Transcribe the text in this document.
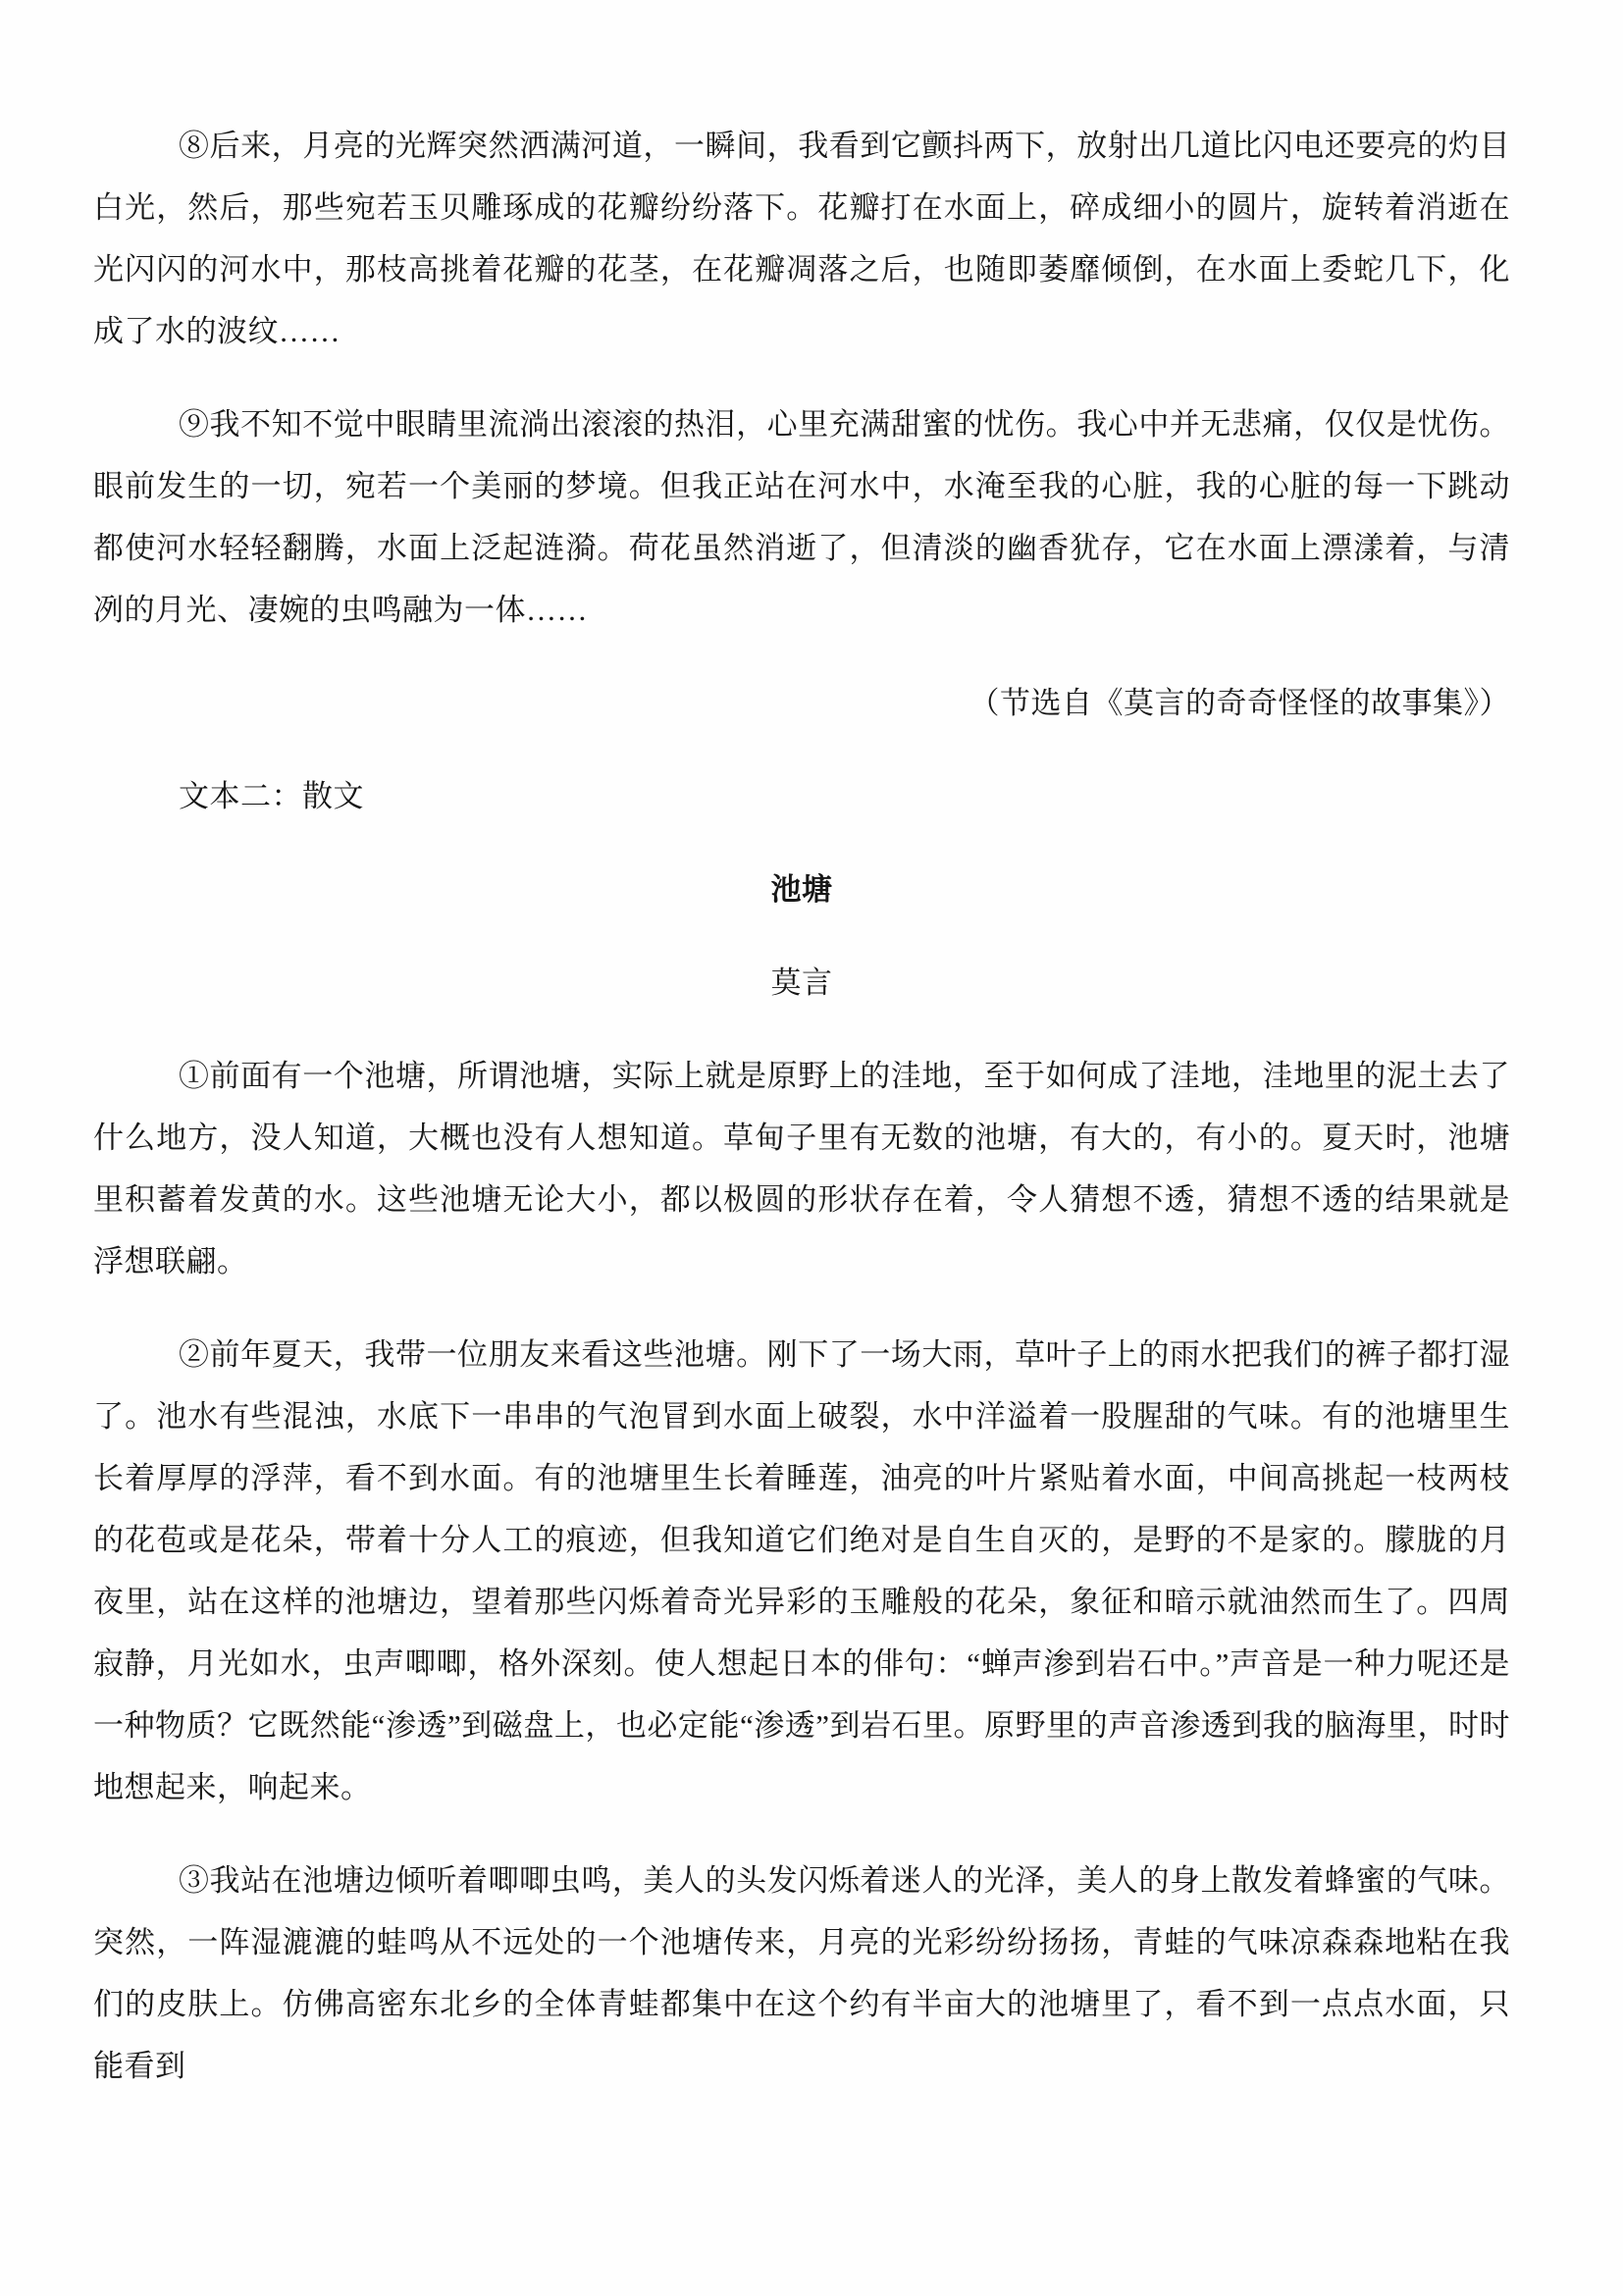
⑧后来，月亮的光辉突然洒满河道，一瞬间，我看到它颤抖两下，放射出几道比闪电还要亮的灼目白光，然后，那些宛若玉贝雕琢成的花瓣纷纷落下。花瓣打在水面上，碎成细小的圆片，旋转着消逝在光闪闪的河水中，那枝高挑着花瓣的花茎，在花瓣凋落之后，也随即萎靡倾倒，在水面上委蛇几下，化成了水的波纹……

⑨我不知不觉中眼睛里流淌出滚滚的热泪，心里充满甜蜜的忧伤。我心中并无悲痛，仅仅是忧伤。眼前发生的一切，宛若一个美丽的梦境。但我正站在河水中，水淹至我的心脏，我的心脏的每一下跳动都使河水轻轻翻腾，水面上泛起涟漪。荷花虽然消逝了，但清淡的幽香犹存，它在水面上漂漾着，与清冽的月光、凄婉的虫鸣融为一体……

（节选自《莫言的奇奇怪怪的故事集》）

文本二：散文

池塘

莫言

①前面有一个池塘，所谓池塘，实际上就是原野上的洼地，至于如何成了洼地，洼地里的泥土去了什么地方，没人知道，大概也没有人想知道。草甸子里有无数的池塘，有大的，有小的。夏天时，池塘里积蓄着发黄的水。这些池塘无论大小，都以极圆的形状存在着，令人猜想不透，猜想不透的结果就是浮想联翩。

②前年夏天，我带一位朋友来看这些池塘。刚下了一场大雨，草叶子上的雨水把我们的裤子都打湿了。池水有些混浊，水底下一串串的气泡冒到水面上破裂，水中洋溢着一股腥甜的气味。有的池塘里生长着厚厚的浮萍，看不到水面。有的池塘里生长着睡莲，油亮的叶片紧贴着水面，中间高挑起一枝两枝的花苞或是花朵，带着十分人工的痕迹，但我知道它们绝对是自生自灭的，是野的不是家的。朦胧的月夜里，站在这样的池塘边，望着那些闪烁着奇光异彩的玉雕般的花朵，象征和暗示就油然而生了。四周寂静，月光如水，虫声唧唧，格外深刻。使人想起日本的俳句：“蝉声渗到岩石中。”声音是一种力呢还是一种物质？它既然能“渗透”到磁盘上，也必定能“渗透”到岩石里。原野里的声音渗透到我的脑海里，时时地想起来，响起来。

③我站在池塘边倾听着唧唧虫鸣，美人的头发闪烁着迷人的光泽，美人的身上散发着蜂蜜的气味。突然，一阵湿漉漉的蛙鸣从不远处的一个池塘传来，月亮的光彩纷纷扬扬，青蛙的气味凉森森地粘在我们的皮肤上。仿佛高密东北乡的全体青蛙都集中在这个约有半亩大的池塘里了，看不到一点点水面，只能看到
